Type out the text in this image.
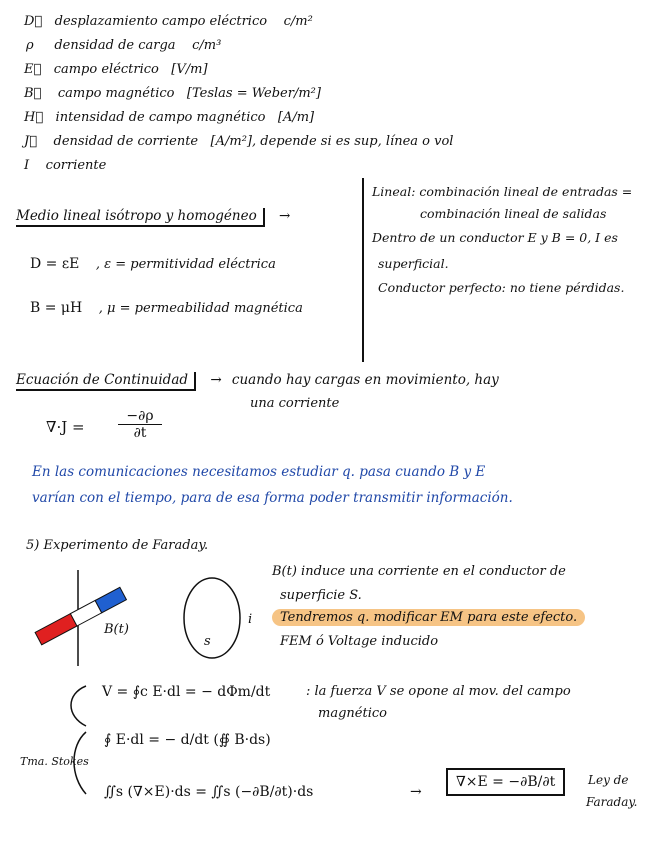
D⃗   desplazamiento campo eléctrico c/m²
ρ densidad de carga c/m³
E⃗   campo eléctrico [V/m]
B⃗    campo magnético [Teslas = Weber/m²]
H⃗   intensidad de campo magnético [A/m]
J⃗    densidad de corriente [A/m²], depende si es sup, línea o vol
I corriente
Lineal: combinación lineal de entradas =
combinación lineal de salidas
Dentro de un conductor E y B = 0, I es
superficial.
Conductor perfecto: no tiene pérdidas.
Medio lineal isótropo y homogéneo →
D = εE , ε = permitividad eléctrica
B = μH , μ = permeabilidad magnética
Ecuación de Continuidad → cuando hay cargas en movimiento, hay
una corriente
$\nabla\cdot J = \frac{-\partial\rho}{\partial t}$
En las comunicaciones necesitamos estudiar q. pasa cuando B y E
varían con el tiempo, para de esa forma poder transmitir información.
5) Experimento de Faraday.
B(t)
s
i
B(t) induce una corriente en el conductor de
superficie S.
Tendremos q. modificar EM para este efecto.
FEM ó Voltage inducido
V = ∮c E·dl = − dΦm/dt	: la fuerza V se opone al mov. del campo
magnético
∮ E·dl = − d/dt (∯ B·ds)
Tma. Stokes
∬s (∇×E)·ds = ∬s (−∂B/∂t)·ds	→
∇×E = −∂B/∂t	Ley de
Faraday.
